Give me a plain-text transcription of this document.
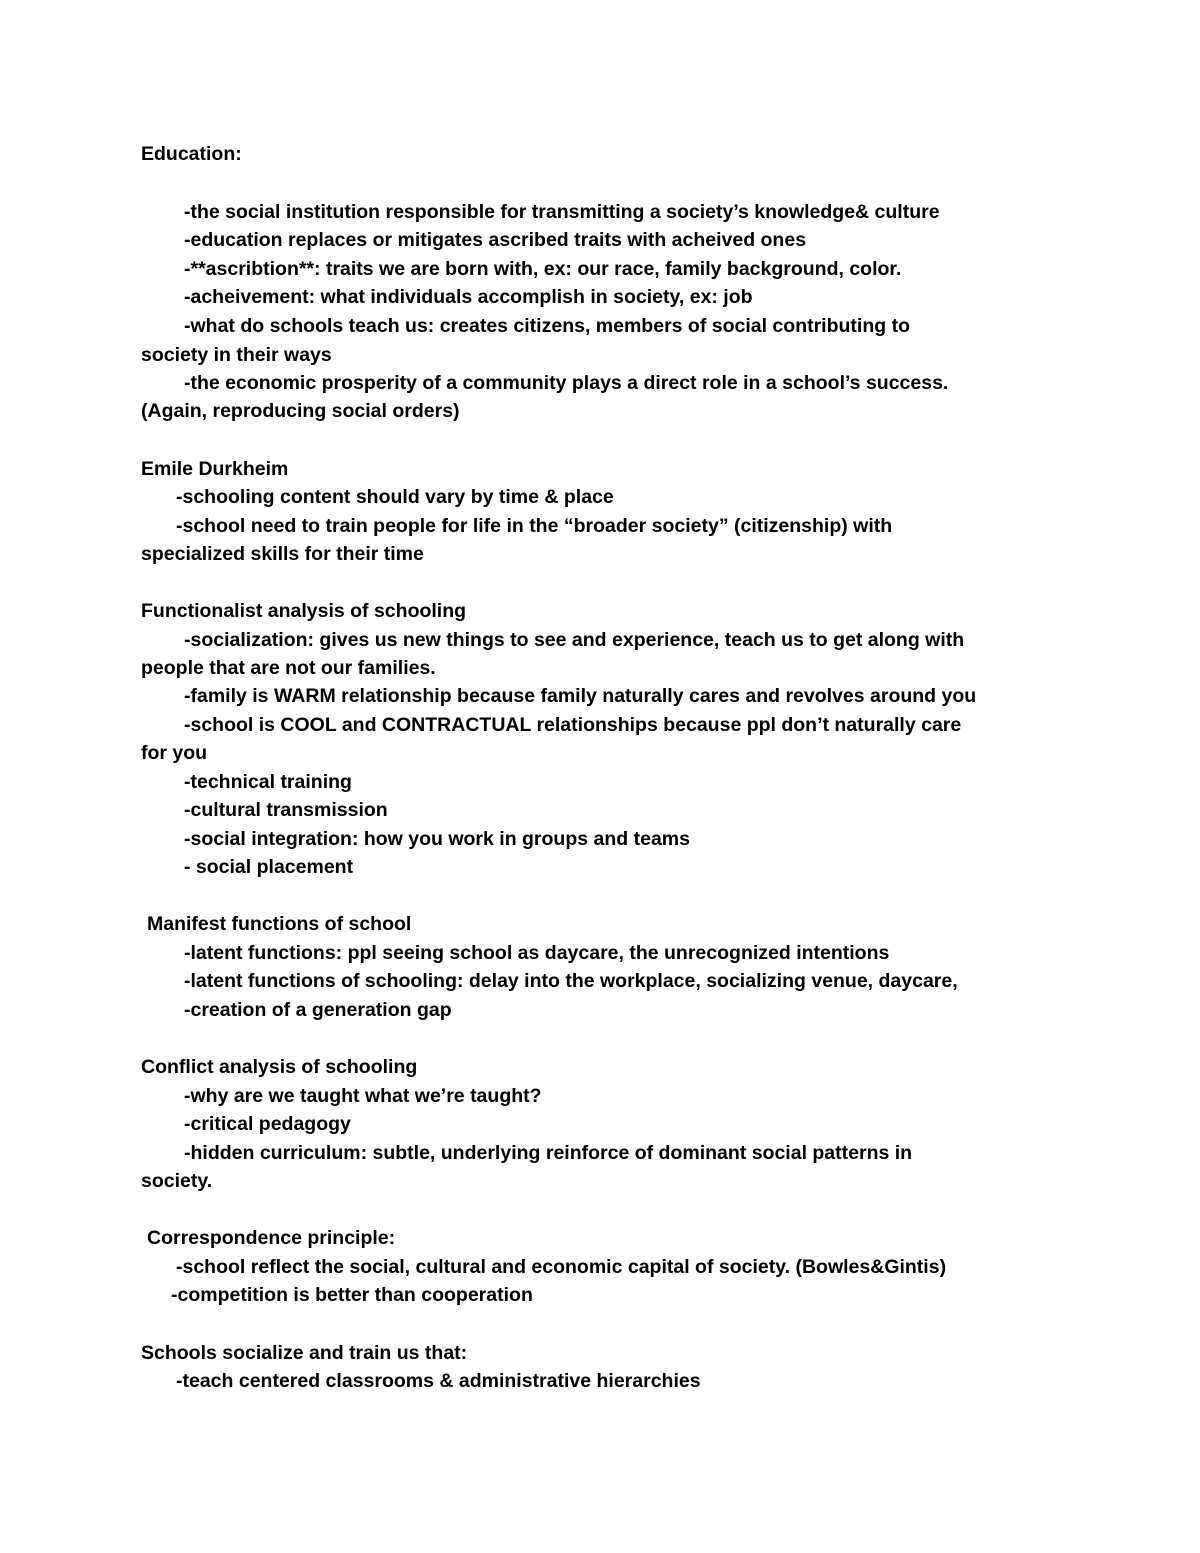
Education:
-the social institution responsible for transmitting a society’s knowledge& culture
-education replaces or mitigates ascribed traits with acheived ones
-**ascribtion**: traits we are born with, ex: our race, family background, color.
-acheivement: what individuals accomplish in society, ex: job
-what do schools teach us: creates citizens, members of social contributing to
society in their ways
-the economic prosperity of a community plays a direct role in a school’s success.
(Again, reproducing social orders)
Emile Durkheim
-schooling content should vary by time & place
-school need to train people for life in the “broader society” (citizenship) with
specialized skills for their time
Functionalist analysis of schooling
-socialization: gives us new things to see and experience, teach us to get along with
people that are not our families.
-family is WARM relationship because family naturally cares and revolves around you
-school is COOL and CONTRACTUAL relationships because ppl don’t naturally care
for you
-technical training
-cultural transmission
-social integration: how you work in groups and teams
- social placement
Manifest functions of school
-latent functions: ppl seeing school as daycare, the unrecognized intentions
-latent functions of schooling: delay into the workplace, socializing venue, daycare,
-creation of a generation gap
Conflict analysis of schooling
-why are we taught what we’re taught?
-critical pedagogy
-hidden curriculum: subtle, underlying reinforce of dominant social patterns in
society.
Correspondence principle:
-school reflect the social, cultural and economic capital of society. (Bowles&Gintis)
-competition is better than cooperation
Schools socialize and train us that:
-teach centered classrooms & administrative hierarchies
